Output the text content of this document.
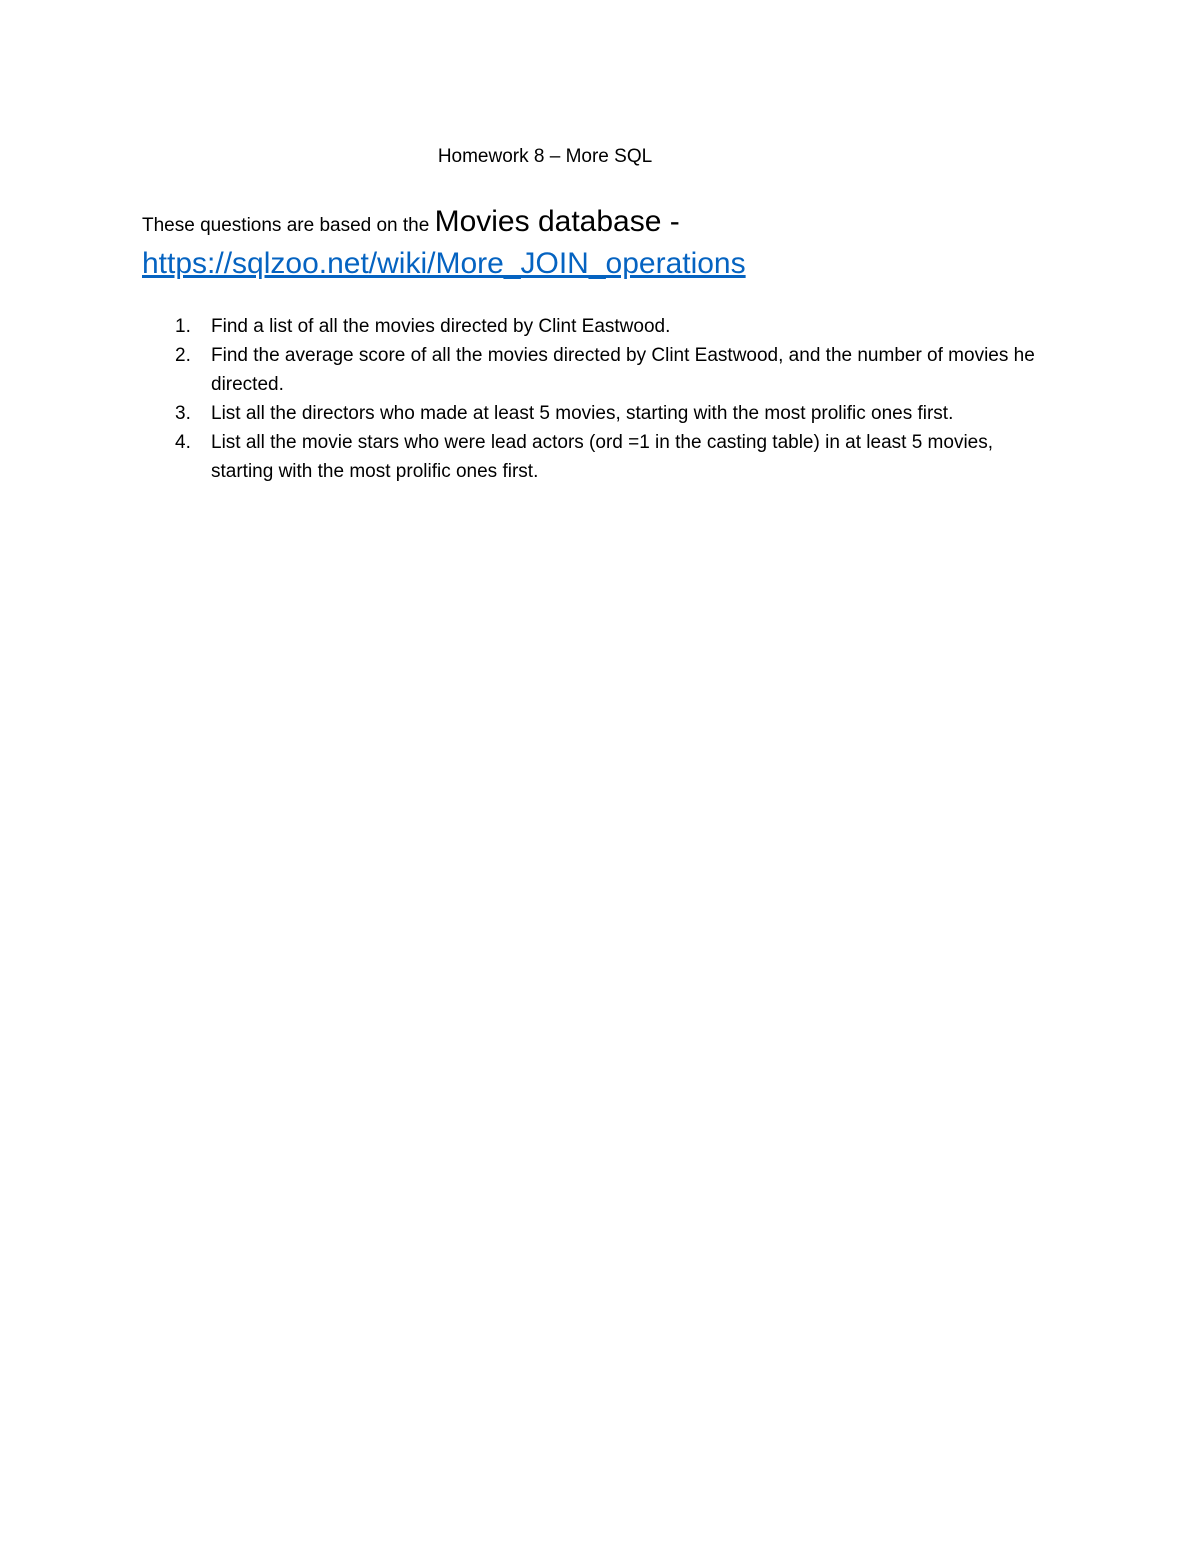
Homework 8 – More SQL
These questions are based on the Movies database -
https://sqlzoo.net/wiki/More_JOIN_operations
1. Find a list of all the movies directed by Clint Eastwood.
2. Find the average score of all the movies directed by Clint Eastwood, and the number of movies he directed.
3. List all the directors who made at least 5 movies, starting with the most prolific ones first.
4. List all the movie stars who were lead actors (ord =1 in the casting table) in at least 5 movies, starting with the most prolific ones first.
